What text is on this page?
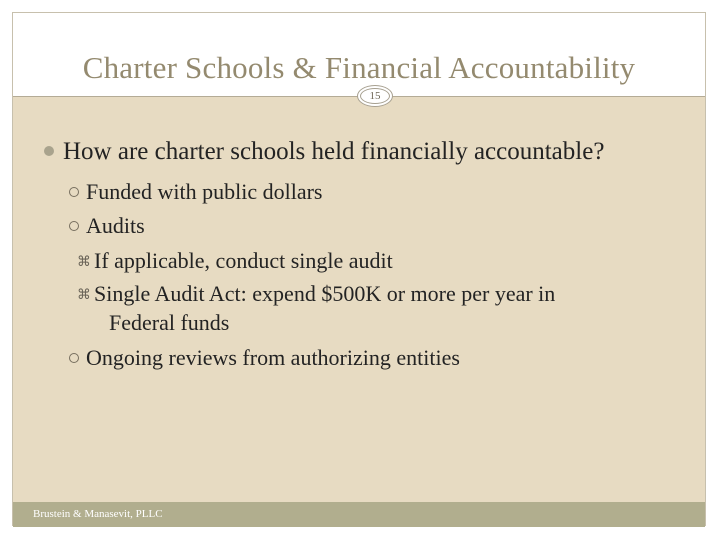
Charter Schools & Financial Accountability
15
How are charter schools held financially accountable?
Funded with public dollars
Audits
⌘ If applicable, conduct single audit
⌘ Single Audit Act: expend $500K or more per year in
Federal funds
Ongoing reviews from authorizing entities
Brustein & Manasevit, PLLC
